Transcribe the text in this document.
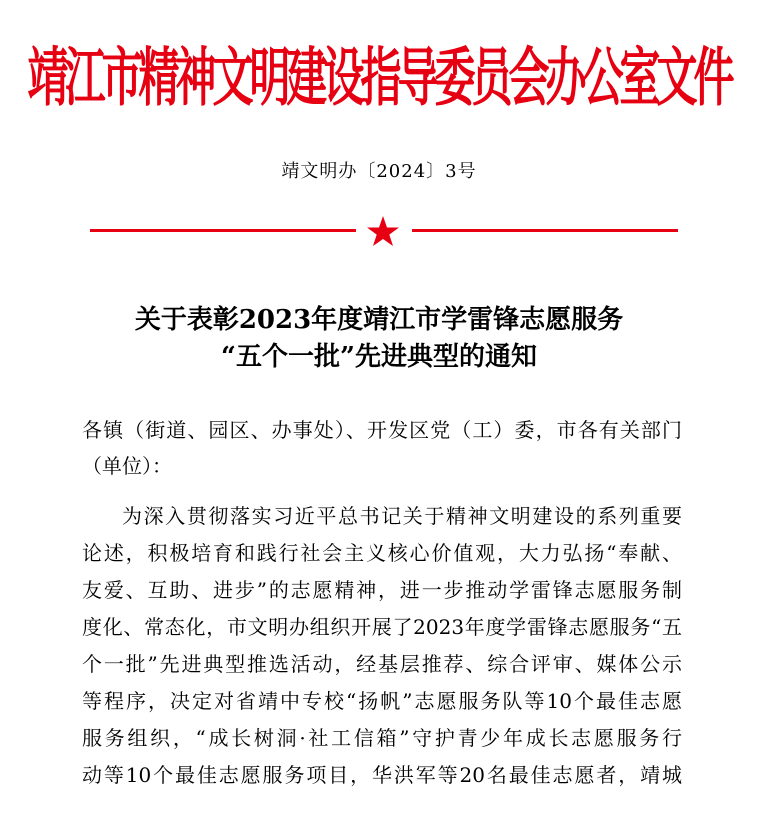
靖江市精神文明建设指导委员会办公室文件
靖文明办〔2024〕3号
关于表彰2023年度靖江市学雷锋志愿服务
“五个一批”先进典型的通知
各镇（街道、园区、办事处）、开发区党（工）委，市各有关部门
（单位）：
为深入贯彻落实习近平总书记关于精神文明建设的系列重要
论述，积极培育和践行社会主义核心价值观，大力弘扬“奉献、
友爱、互助、进步”的志愿精神，进一步推动学雷锋志愿服务制
度化、常态化，市文明办组织开展了2023年度学雷锋志愿服务“五
个一批”先进典型推选活动，经基层推荐、综合评审、媒体公示
等程序，决定对省靖中专校“扬帆”志愿服务队等10个最佳志愿
服务组织，“成长树洞·社工信箱”守护青少年成长志愿服务行
动等10个最佳志愿服务项目，华洪军等20名最佳志愿者，靖城
